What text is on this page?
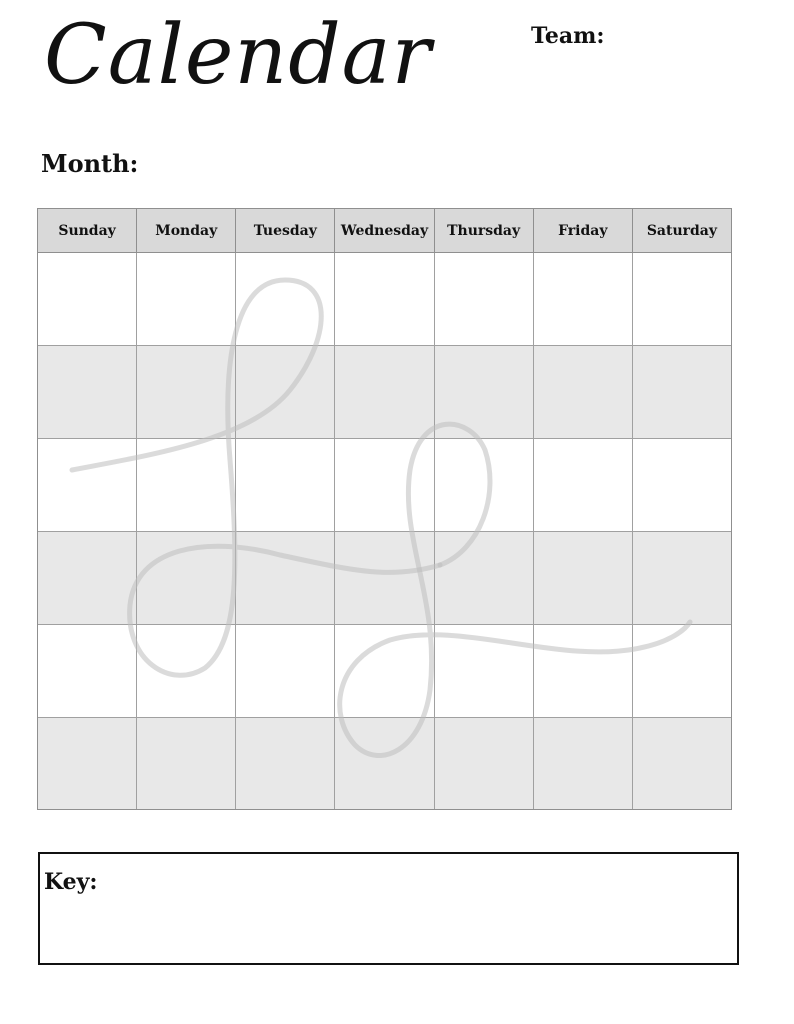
Calendar	Team:
Month:
Sunday	Monday	Tuesday	Wednesday	Thursday	Friday	Saturday
Key:
